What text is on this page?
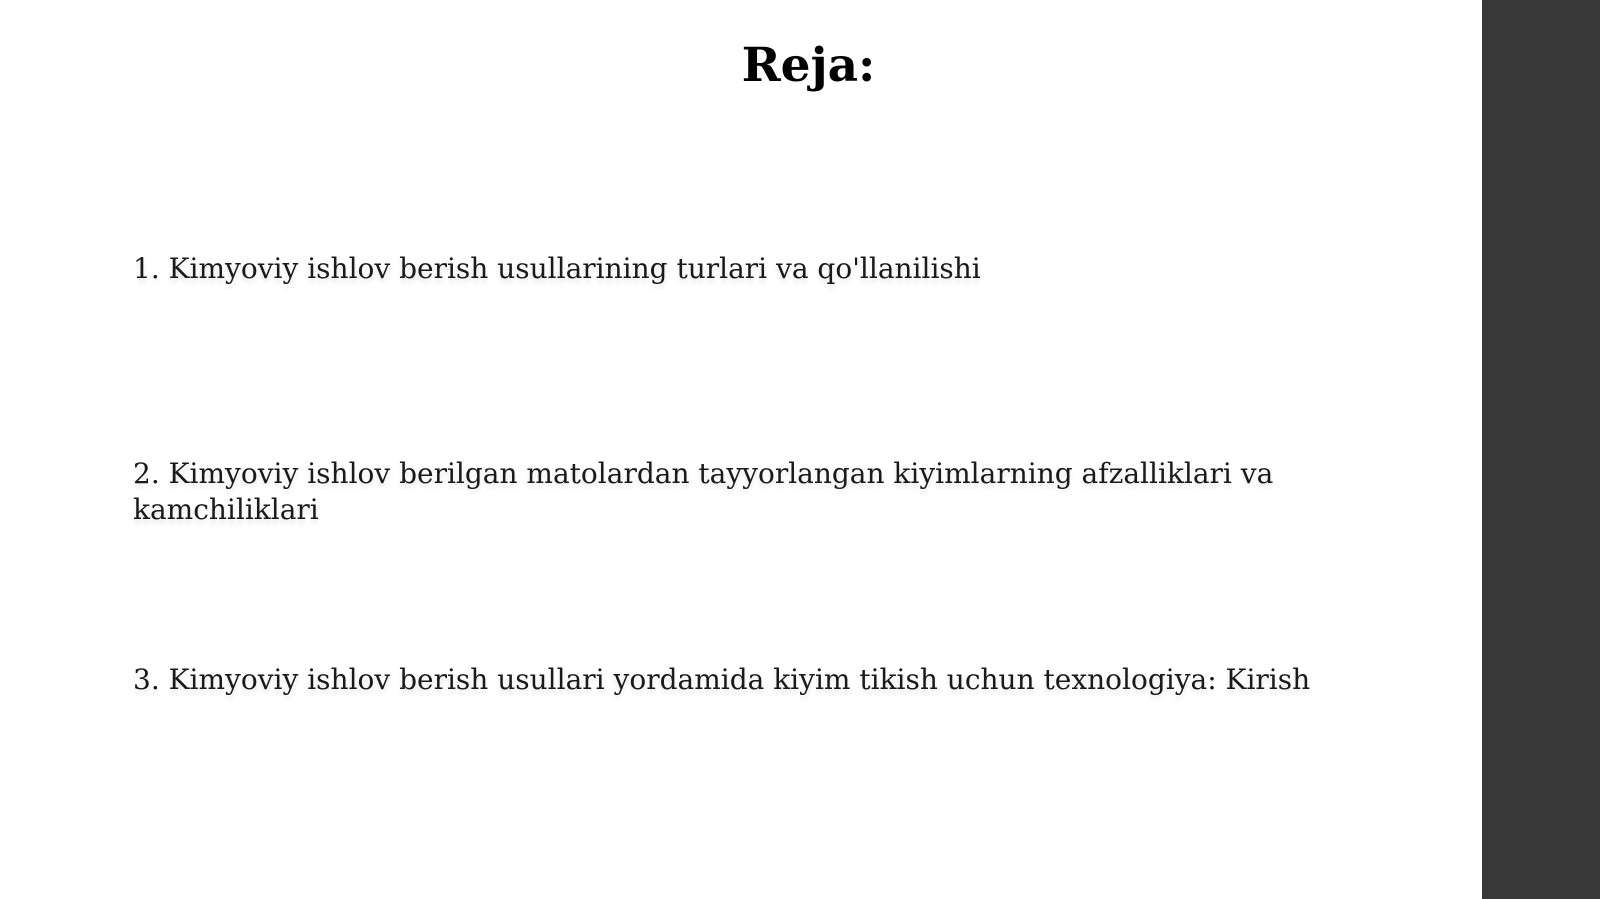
Reja:

1. Kimyoviy ishlov berish usullarining turlari va qo'llanilishi

2. Kimyoviy ishlov berilgan matolardan tayyorlangan kiyimlarning afzalliklari va kamchiliklari

3. Kimyoviy ishlov berish usullari yordamida kiyim tikish uchun texnologiya: Kirish
